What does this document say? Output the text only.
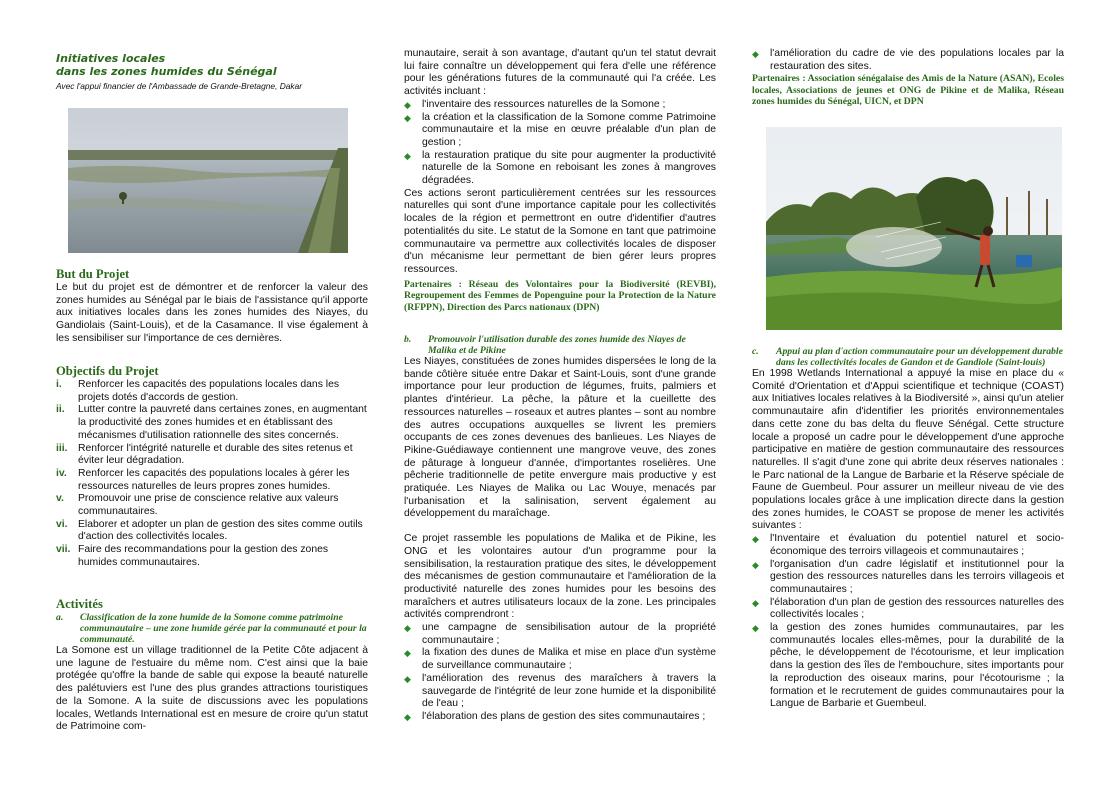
Initiatives locales
dans les zones humides du Sénégal
Avec l'appui financier de l'Ambassade de Grande-Bretagne, Dakar
But du Projet

Le but du projet est de démontrer et de renforcer la valeur des zones humides au Sénégal par le biais de l'assistance qu'il apporte aux initiatives locales dans les zones humides des Niayes, du Gandiolais (Saint-Louis), et de la Casamance. Il vise également à les sensibiliser sur l'importance de ces dernières.

Objectifs du Projet
i.	Renforcer les capacités des populations locales dans les projets dotés d'accords de gestion.
ii.	Lutter contre la pauvreté dans certaines zones, en augmentant la productivité des zones humides et en établissant des mécanismes d'utilisation rationnelle des sites concernés.
iii.	Renforcer l'intégrité naturelle et durable des sites retenus et éviter leur dégradation.
iv.	Renforcer les capacités des populations locales à gérer les ressources naturelles de leurs propres zones humides.
v.	Promouvoir une prise de conscience relative aux valeurs communautaires.
vi.	Elaborer et adopter un plan de gestion des sites comme outils d'action des collectivités locales.
vii. Faire des recommandations pour la gestion des zones humides communautaires.
Activités
a.	Classification de la zone humide de la Somone comme patrimoine communautaire – une zone humide gérée par la communauté et pour la communauté.

La Somone est un village traditionnel de la Petite Côte adjacent à une lagune de l'estuaire du même nom. C'est ainsi que la baie protégée qu'offre la bande de sable qui expose la beauté naturelle des palétuviers est l'une des plus grandes attractions touristiques de la Somone. A la suite de discussions avec les populations locales, Wetlands International est en mesure de croire qu'un statut de Patrimoine com-

munautaire, serait à son avantage, d'autant qu'un tel statut devrait lui faire connaître un développement qui fera d'elle une référence pour les générations futures de la communauté qui l'a créée. Les activités incluant :

◆	l'inventaire des ressources naturelles de la Somone ;
◆	la création et la classification de la Somone comme Patrimoine communautaire et la mise en œuvre préalable d'un plan de gestion ;
◆	la restauration pratique du site pour augmenter la productivité naturelle de la Somone en reboisant les zones à mangroves dégradées.

Ces actions seront particulièrement centrées sur les ressources naturelles qui sont d'une importance capitale pour les collectivités locales de la région et permettront en outre d'identifier d'autres potentialités du site. Le statut de la Somone en tant que patrimoine communautaire va permettre aux collectivités locales de disposer d'un mécanisme leur permettant de bien gérer leurs propres ressources.

Partenaires : Réseau des Volontaires pour la Biodiversité (REVBI), Regroupement des Femmes de Popenguine pour la Protection de la Nature (RFPPN), Direction des Parcs nationaux (DPN)
b.	Promouvoir l'utilisation durable des zones humide des Niayes de Malika et de Pikine

Les Niayes, constituées de zones humides dispersées le long de la bande côtière située entre Dakar et Saint-Louis, sont d'une grande importance pour leur production de légumes, fruits, palmiers et plantes d'intérieur. La pêche, la pâture et la cueillette des ressources naturelles – roseaux et autres plantes – sont au nombre des autres occupations auxquelles se livrent les premiers occupants de ces zones devenues des banlieues. Les Niayes de Pikine-Guédiawaye contiennent une mangrove veuve, des zones de pâturage à longueur d'année, d'importantes roselières. Une pêcherie traditionnelle de petite envergure mais productive y est pratiquée. Les Niayes de Malika ou Lac Wouye, menacés par l'urbanisation et la salinisation, servent également au développement du maraîchage.

Ce projet rassemble les populations de Malika et de Pikine, les ONG et les volontaires autour d'un programme pour la sensibilisation, la restauration pratique des sites, le développement des mécanismes de gestion communautaire et l'amélioration de la productivité naturelle des zones humides pour les besoins des maraîchers et autres utilisateurs locaux de la zone. Les principales activités comprendront :

◆	une campagne de sensibilisation autour de la propriété communautaire ;
◆	la fixation des dunes de Malika et mise en place d'un système de surveillance communautaire ;
◆	l'amélioration des revenus des maraîchers à travers la sauvegarde de l'intégrité de leur zone humide et la disponibilité de l'eau ;
◆	l'élaboration des plans de gestion des sites communautaires ;
◆	l'amélioration du cadre de vie des populations locales par la restauration des sites.
Partenaires : Association sénégalaise des Amis de la Nature (ASAN), Ecoles locales, Associations de jeunes et ONG de Pikine et de Malika, Réseau zones humides du Sénégal, UICN, et DPN
c.	Appui au plan d'action communautaire pour un développement durable dans les collectivités locales de Gandon et de Gandiole (Saint-louis)

En 1998 Wetlands International a appuyé la mise en place du « Comité d'Orientation et d'Appui scientifique et technique (COAST) aux Initiatives locales relatives à la Biodiversité », ainsi qu'un atelier communautaire afin d'identifier les priorités environnementales dans cette zone du bas delta du fleuve Sénégal. Cette structure locale a proposé un cadre pour le développement d'une approche participative en matière de gestion communautaire des ressources naturelles. Il s'agit d'une zone qui abrite deux réserves nationales : le Parc national de la Langue de Barbarie et la Réserve spéciale de Faune de Guembeul. Pour assurer un meilleur niveau de vie des populations locales grâce à une implication directe dans la gestion des zones humides, le COAST se propose de mener les activités suivantes :

◆	l'Inventaire et évaluation du potentiel naturel et socio-économique des terroirs villageois et communautaires ;
◆	l'organisation d'un cadre législatif et institutionnel pour la gestion des ressources naturelles dans les terroirs villageois et communautaires ;
◆	l'élaboration d'un plan de gestion des ressources naturelles des collectivités locales ;
◆	la gestion des zones humides communautaires, par les communautés locales elles-mêmes, pour la durabilité de la pêche, le développement de l'écotourisme, et leur implication dans la gestion des îles de l'embouchure, sites importants pour la reproduction des oiseaux marins, pour l'écotourisme ; la formation et le recrutement de guides communautaires pour la Langue de Barbarie et Guembeul.
